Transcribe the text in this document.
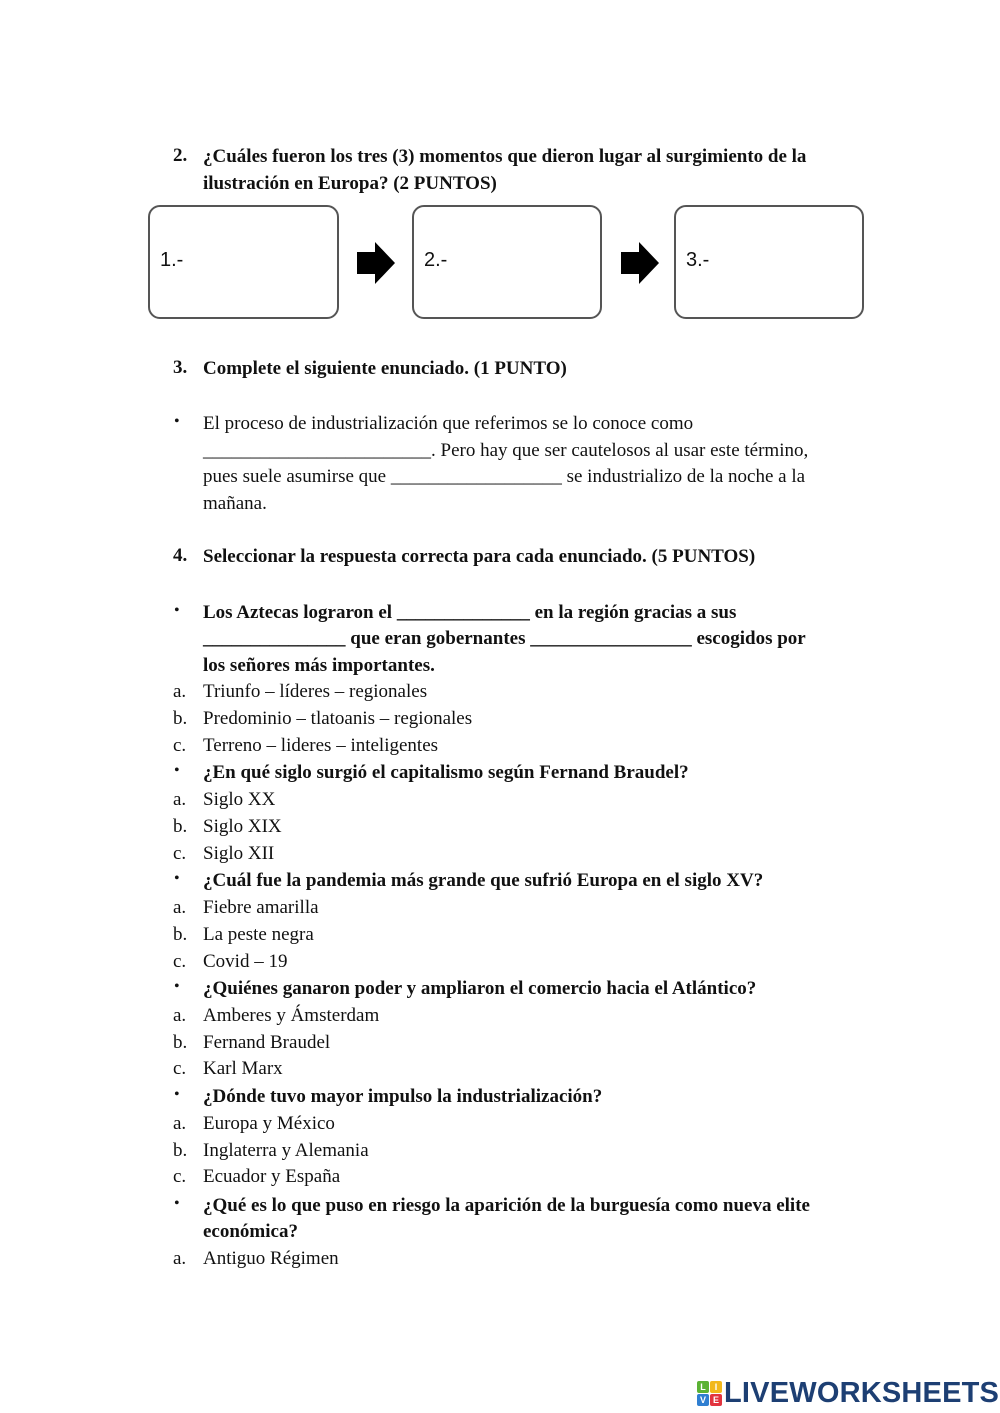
2. ¿Cuáles fueron los tres (3) momentos que dieron lugar al surgimiento de la
ilustración en Europa? (2 PUNTOS)
1.-	2.-	3.-
3. Complete el siguiente enunciado. (1 PUNTO)
• El proceso de industrialización que referimos se lo conoce como
________________________. Pero hay que ser cautelosos al usar este término,
pues suele asumirse que __________________ se industrializo de la noche a la
mañana.
4. Seleccionar la respuesta correcta para cada enunciado. (5 PUNTOS)
• Los Aztecas lograron el ______________ en la región gracias a sus
_______________ que eran gobernantes _________________ escogidos por
los señores más importantes.
a. Triunfo – líderes – regionales
b. Predominio – tlatoanis – regionales
c. Terreno – lideres – inteligentes
• ¿En qué siglo surgió el capitalismo según Fernand Braudel?
a. Siglo XX
b. Siglo XIX
c. Siglo XII
• ¿Cuál fue la pandemia más grande que sufrió Europa en el siglo XV?
a. Fiebre amarilla
b. La peste negra
c. Covid – 19
• ¿Quiénes ganaron poder y ampliaron el comercio hacia el Atlántico?
a. Amberes y Ámsterdam
b. Fernand Braudel
c. Karl Marx
• ¿Dónde tuvo mayor impulso la industrialización?
a. Europa y México
b. Inglaterra y Alemania
c. Ecuador y España
• ¿Qué es lo que puso en riesgo la aparición de la burguesía como nueva elite
económica?
a. Antiguo Régimen
L I
V E LIVEWORKSHEETS
